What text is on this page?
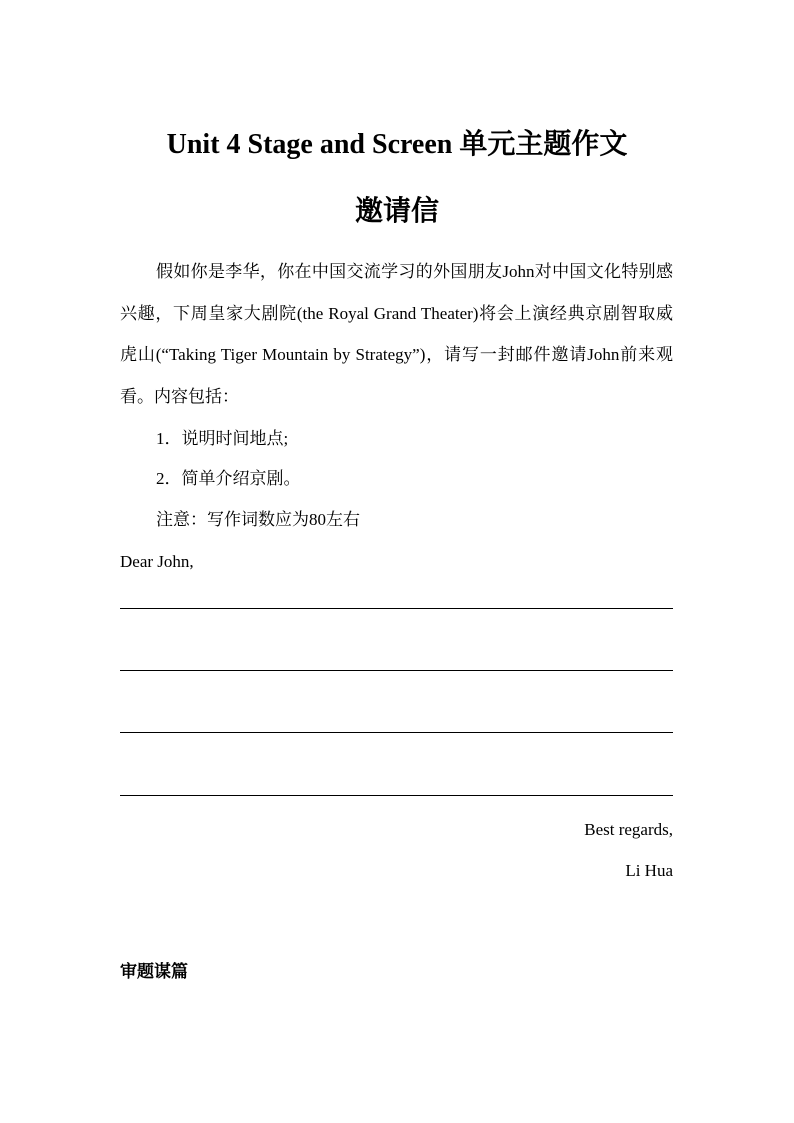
Unit 4 Stage and Screen 单元主题作文
邀请信

假如你是李华，你在中国交流学习的外国朋友John对中国文化特别感兴趣，下周皇家大剧院(the Royal Grand Theater)将会上演经典京剧智取威虎山(“Taking Tiger Mountain by Strategy”)，请写一封邮件邀请John前来观看。内容包括：

1．说明时间地点;

2．简单介绍京剧。

注意：写作词数应为80左右

Dear John,

Best regards,

Li Hua

审题谋篇
